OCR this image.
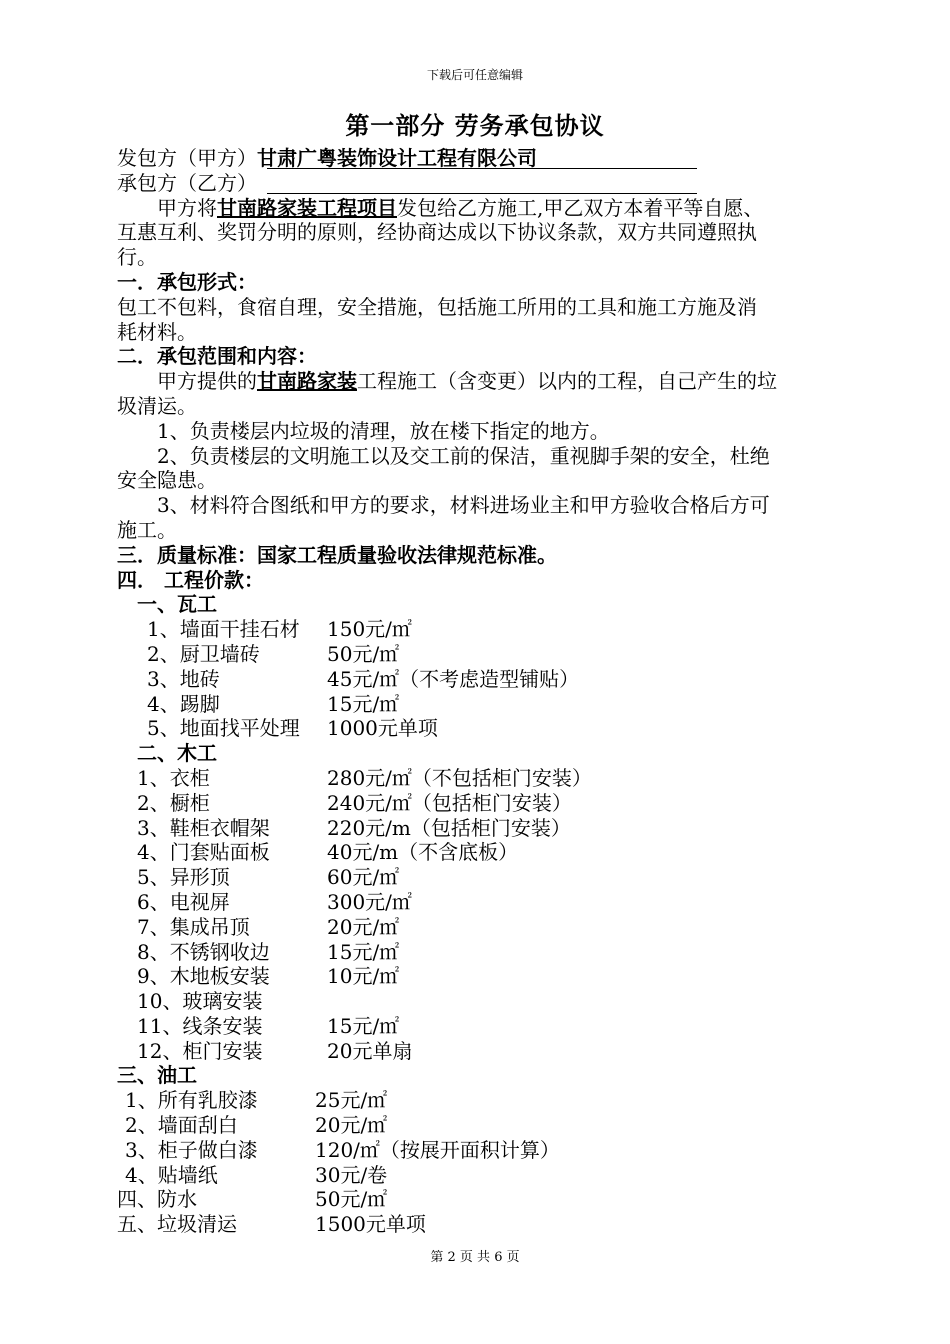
下载后可任意编辑
第一部分 劳务承包协议
发包方（甲方）甘肃广粤装饰设计工程有限公司
承包方（乙方）
甲方将甘南路家装工程项目发包给乙方施工,甲乙双方本着平等自愿、
互惠互利、奖罚分明的原则，经协商达成以下协议条款，双方共同遵照执
行。
一．承包形式：
包工不包料，食宿自理，安全措施，包括施工所用的工具和施工方施及消
耗材料。
二．承包范围和内容：
甲方提供的甘南路家装工程施工（含变更）以内的工程，自己产生的垃
圾清运。
1、负责楼层内垃圾的清理，放在楼下指定的地方。
2、负责楼层的文明施工以及交工前的保洁，重视脚手架的安全，杜绝
安全隐患。
3、材料符合图纸和甲方的要求，材料进场业主和甲方验收合格后方可
施工。
三．质量标准：国家工程质量验收法律规范标准。
四． 工程价款：
一、瓦工
1、墙面干挂石材 150元/㎡
2、厨卫墙砖	50元/㎡
3、地砖	45元/㎡（不考虑造型铺贴）
4、踢脚	15元/㎡
5、地面找平处理 1000元单项
二、木工
1、衣柜	280元/㎡（不包括柜门安装）
2、橱柜	240元/㎡（包括柜门安装）
3、鞋柜衣帽架	220元/m（包括柜门安装）
4、门套贴面板	40元/m（不含底板）
5、异形顶	60元/㎡
6、电视屏	300元/㎡
7、集成吊顶	20元/㎡
8、不锈钢收边	15元/㎡
9、木地板安装	10元/㎡
10、玻璃安装
11、线条安装	15元/㎡
12、柜门安装	20元单扇
三、油工
1、所有乳胶漆	25元/㎡
2、墙面刮白	20元/㎡
3、柜子做白漆	120/㎡（按展开面积计算）
4、贴墙纸	30元/卷
四、防水	50元/㎡
五、垃圾清运	1500元单项
第 2 页 共 6 页
